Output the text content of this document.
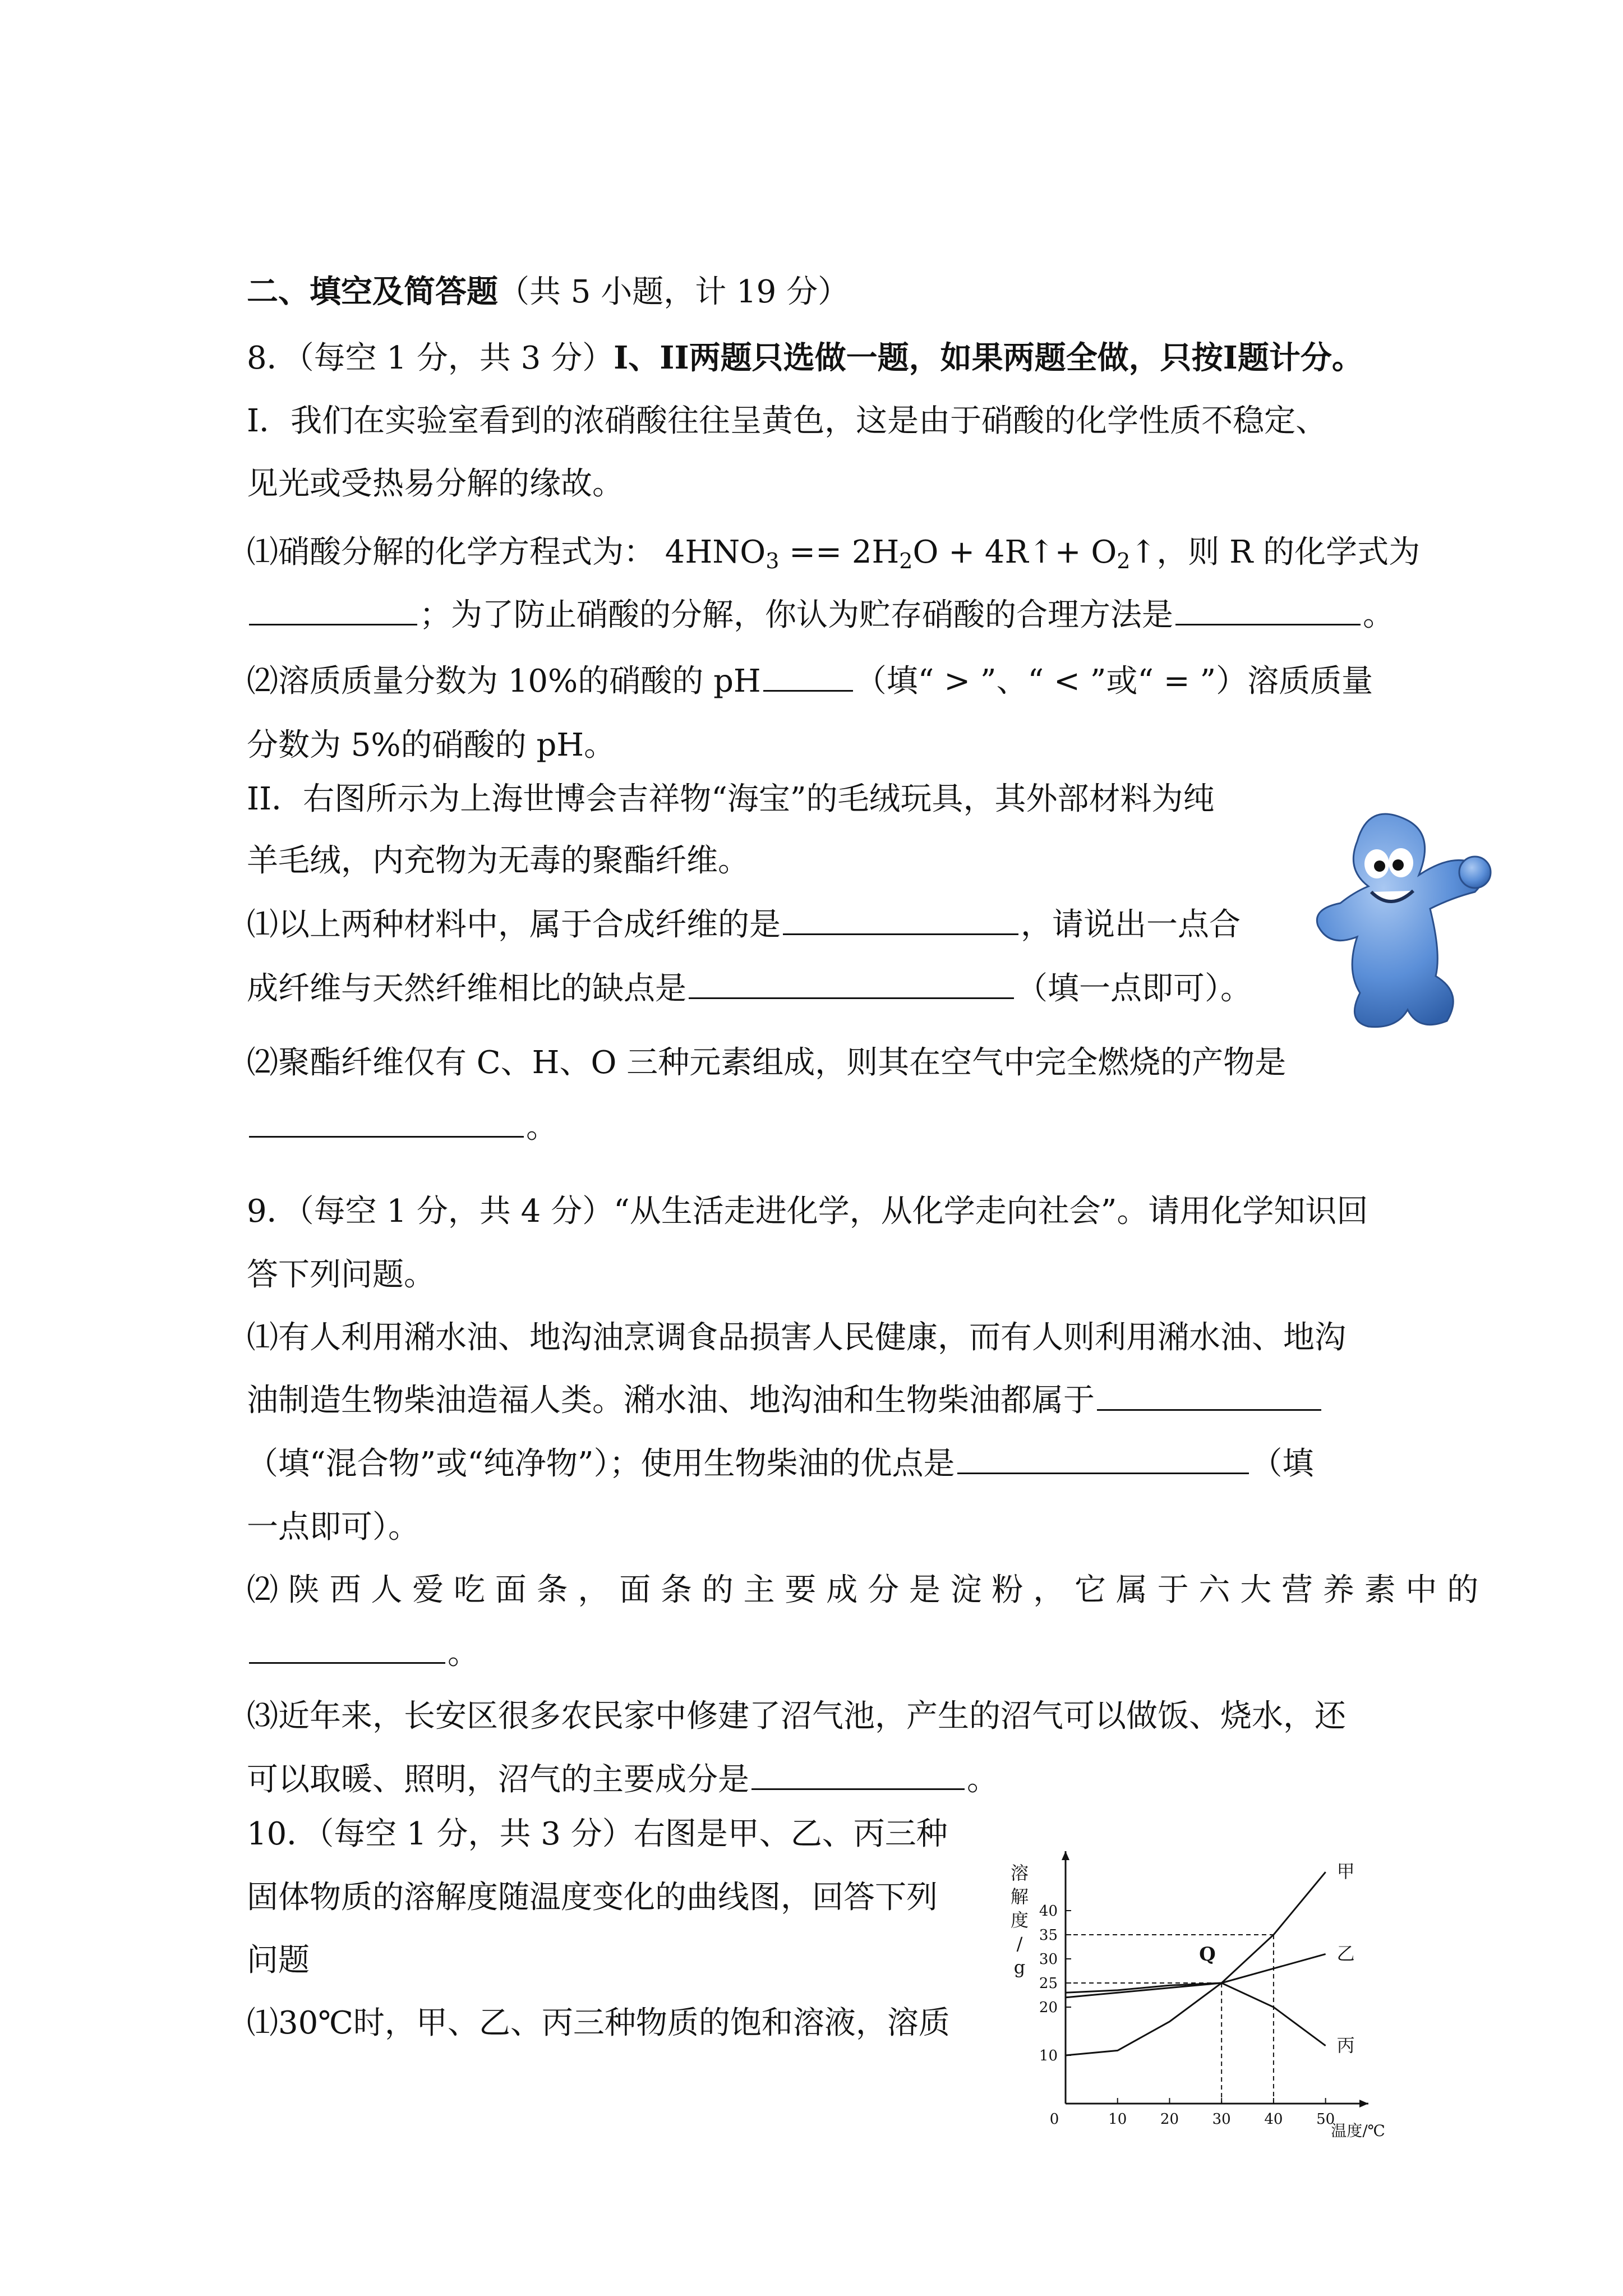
二、填空及简答题（共 5 小题，计 19 分）
8．（每空 1 分，共 3 分）I、II两题只选做一题，如果两题全做，只按I题计分。
I．我们在实验室看到的浓硝酸往往呈黄色，这是由于硝酸的化学性质不稳定、
见光或受热易分解的缘故。
⑴硝酸分解的化学方程式为： $4HNO_3 == 2H_2O$ + 4R↑+ $O_2↑$，则 R 的化学式为
；为了防止硝酸的分解，你认为贮存硝酸的合理方法是	。
⑵溶质质量分数为 10%的硝酸的 pH	（填“ > ”、“ < ”或“ = ”）溶质质量
分数为 5%的硝酸的 pH。
II．右图所示为上海世博会吉祥物“海宝”的毛绒玩具，其外部材料为纯
羊毛绒，内充物为无毒的聚酯纤维。
⑴以上两种材料中，属于合成纤维的是	，请说出一点合
成纤维与天然纤维相比的缺点是	（填一点即可）。
⑵聚酯纤维仅有 C、H、O 三种元素组成，则其在空气中完全燃烧的产物是
。
9．（每空 1 分，共 4 分）“从生活走进化学，从化学走向社会”。请用化学知识回
答下列问题。
⑴有人利用潲水油、地沟油烹调食品损害人民健康，而有人则利用潲水油、地沟
油制造生物柴油造福人类。潲水油、地沟油和生物柴油都属于
（填“混合物”或“纯净物”）；使用生物柴油的优点是	（填
一点即可）。
⑵ 陕 西 人 爱 吃 面 条 ， 面 条 的 主 要 成 分 是 淀 粉 ， 它 属 于 六 大 营 养 素 中 的
。
⑶近年来，长安区很多农民家中修建了沼气池，产生的沼气可以做饭、烧水，还
可以取暖、照明，沼气的主要成分是	。
10．（每空 1 分，共 3 分）右图是甲、乙、丙三种
固体物质的溶解度随温度变化的曲线图，回答下列
问题
⑴30℃时，甲、乙、丙三种物质的饱和溶液，溶质
0	10 20 30 40 50
10
20
25
30
35
40
Q
溶
解
度
/
g
温度/℃
甲
乙
丙
